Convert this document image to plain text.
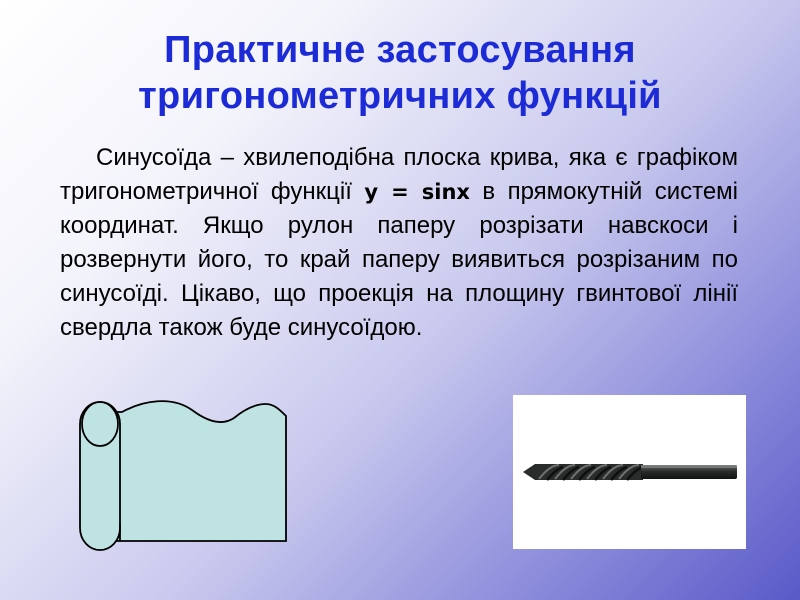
Практичне застосування
тригонометричних функцій

Синусоїда – хвилеподібна плоска крива, яка є графіком тригонометричної функції y = sinx в прямокутній системі координат. Якщо рулон паперу розрізати навскоси і розвернути його, то край паперу виявиться розрізаним по синусоїді. Цікаво, що проекція на площину гвинтової лінії свердла також буде синусоїдою.
